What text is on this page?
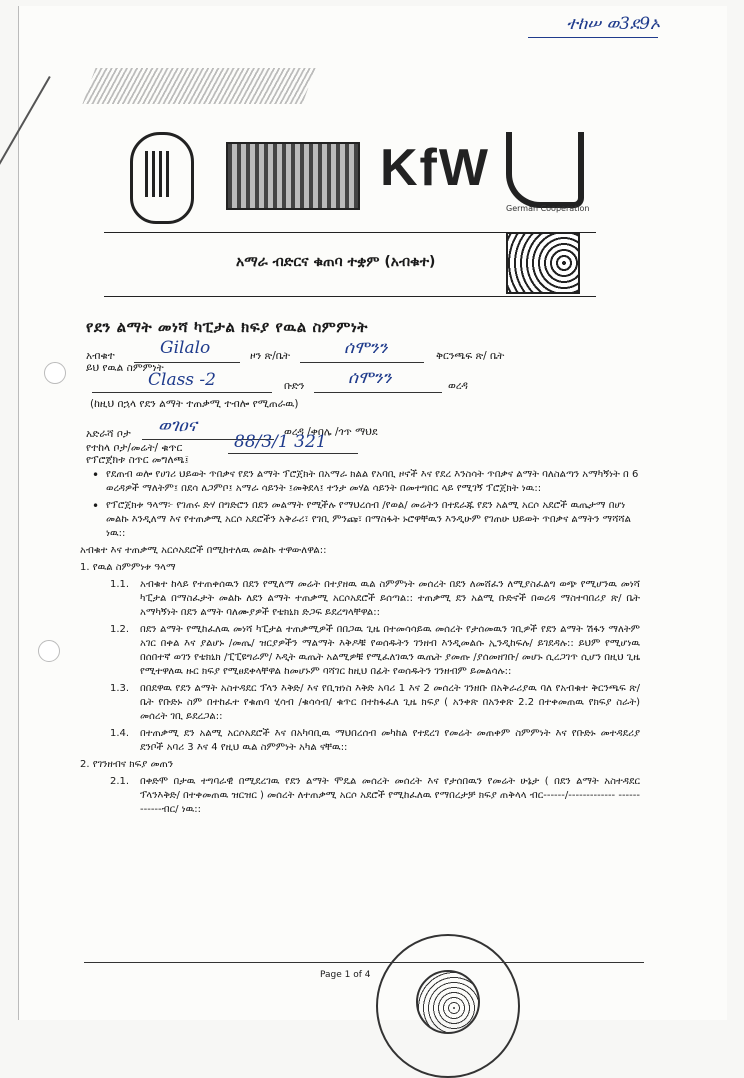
ተከሠ ወ3ደ9ኦ
KfW
German Cooperation
አማራ ብድርና ቁጠባ ተቋም (አብቁተ)
የደን ልማት መነሻ ካፒታል ክፍያ የዉል ስምምነት
አብቁተ	Gilalo	ዞን ጽ/ቤት	ሰሞንን	ቅርንጫፍ ጽ/ ቤት
ይህ የዉል ስምምነት
Class -2	ቡድን	ሰሞንን	ወረዳ
(ከዚህ በኋላ የደን ልማት ተጠቃሚ ተብሎ የሚጠራዉ)
አድራሻ ቦታ ወገዐና	ወረዳ /ቀበሌ /ጎጥ ማህደ
የተከላ ቦታ/መሬት/ ቁጥር	88/3/1 321
የፕሮጀክቱ ስጥር መግለጫ፤

• የደጠብ ወሎ የሀገሪ ህይወት ጥበቃና የደን ልማት ፕሮጀክት በአማራ ክልል የአባቢ ዞኖች እና የደረ እንስሳት ጥበቃና ልማት ባለስልጣን አማካኝነት በ 6 ወረዳዎች ማለትም፤ በደሳ ለጋምቦ፤ አማራ ሳይንት ፤መቅደላ፤ ተንታ መሃል ሳይንት በመተግበር ላይ የሚገኝ ፕሮጀክት ነዉ::

• የፕሮጀክቱ ዓላማ፦ የገጠሩ ድሃ በግድሮን በደን መልማት የሚችሉ የማህረሰብ /የወል/ መሬትን በተደራጁ የደን አልሚ አርሶ አደሮች ዉጤታማ በሆነ መልኩ እንዲለማ እና የተጠቃሚ አርሶ አደሮችን አቅራሪ፣ የገቢ ምንጩ፣ በማስፋት ኑሮዋቸዉን እንዲሁም የገጠሁ ህይወት ጥበቃና ልማትን ማሻሻል ነዉ::

አብቁተ እና ተጠቃሚ አርሶአደሮች በሚከተለዉ መልኩ ተዋውለዋል::

1. የዉል ስምምነቱ ዓላማ

1.1. አብቁተ ከላይ የተጠቀሰዉን በደን የሚለማ መሬት በተያዘዉ ዉል ስምምነት መሰረት በደን ለመሸፈን ለሚያስፈልግ ወጭ የሚሆንዉ መነሻ ካፒታል በማስፈታት መልኩ ለደን ልማት ተጠቃሚ አርሶአደሮች ይሰጣል:: ተጠቃሚ ደን አልሚ ቡድኖች በወረዳ ማስተባበሪያ ጽ/ ቤት አማካኝነት በደን ልማት ባለሙያዎች የቴክኒክ ድጋፍ ይደረግላቸዋል::
1.2. በደን ልማት የሚከፈለዉ መነሻ ካፒታል ተጠቃሚዎች በበጋዉ ጊዜ በተመሳሳይዉ መሰረት የታሰመዉን ገቢዎች የደን ልማት ሽፋን ማለትም አገር በቀል እና ያልሆኑ /መጤ/ ዝርያዎችን ማልማት እቅዶቹ የወሰዱትን ገንዘብ እንዲመልሱ ኢንዲከፍሉ/ ይገደዳሉ:: ይህም የሚሆነዉ በሰበተኛ ወገን የቴክኒክ /ፒፒዩግራም/ እዲት ዉጤት አልሚዎቹ የሚፈለገዉን ዉጤት ያመጡ /ያሰመዘገቡ/ መሆኑ ሲረጋገጥ ሲሆን በዚህ ጊዜ የሚተዋለዉ ዙር ክፍያ የሚፀደቀላቸዋል ከመሆኑም ባሻገር ከዚህ በፊት የወሰዱትን ገንዘብም ይመልሳሉ::
1.3. በበደዋዉ የደን ልማት አስተዳደር ፕላን እቅድ/ እና የቢዝነስ እቅድ አባሪ 1 እና 2 መሰረት ገንዘቡ በአቅራሪያዉ ባለ የአብቁተ ቅርንጫፍ ጽ/ቤት የቡድኑ ስም በተከፈተ የቁጠባ ሂሳብ /ቁሳሳብ/ ቁጥር በተከፋፈለ ጊዜ ክፍያ ( አንቀጽ በአንቀጽ 2.2 በተቀመጠዉ የክፍያ ስራት) መሰረት ገቢ ይደረጋል::
1.4. በተጠቃሚ ደን አልሚ አርሶአደሮች እና በአካባቢዉ ማህበረሰብ መካከል የተደረገ የመሬት መጠቀም ስምምነት እና የቡድኑ መተዳደሪያ ደንቦች አባሪ 3 እና 4 የዚህ ዉል ስምምነት አካል ናቸዉ::

2. የገንዘብና ክፍያ መጠን

2.1. በቀድሞ በታዉ ተግባራዊ በሚደረገዉ የደን ልማት ሞዴል መሰረት መሰረት እና የታሰበዉን የመሬት ሁኔታ ( በደን ልማት አስተዳደር ፕላንእቅድ/ በተቀመጠዉ ዝርዝር ) መሰረት ለተጠቃሚ አርሶ አደሮች የሚከፈለዉ የማበረታቻ ክፍያ ጠቅላላ ብር------/------------- ------------ብር/ ነዉ::
Page 1 of 4
